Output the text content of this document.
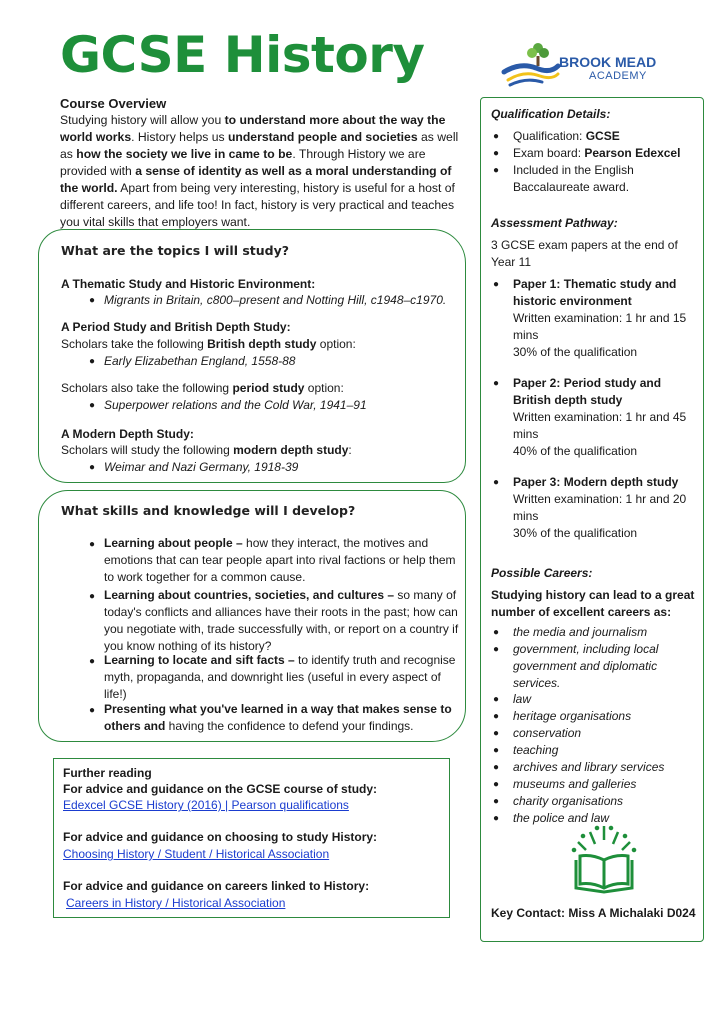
GCSE History	BROOK MEAD
ACADEMY
Course Overview
Studying history will allow you to understand more about the way the world works. History helps us understand people and societies as well as how the society we live in came to be. Through History we are provided with a sense of identity as well as a moral understanding of the world. Apart from being very interesting, history is useful for a host of different careers, and life too! In fact, history is very practical and teaches you vital skills that employers want.
What are the topics I will study?
A Thematic Study and Historic Environment:
● Migrants in Britain, c800–present and Notting Hill, c1948–c1970.
A Period Study and British Depth Study:
Scholars take the following British depth study option:
● Early Elizabethan England, 1558-88
Scholars also take the following period study option:
● Superpower relations and the Cold War, 1941–91
A Modern Depth Study:
Scholars will study the following modern depth study:
● Weimar and Nazi Germany, 1918-39
What skills and knowledge will I develop?
● Learning about people – how they interact, the motives and emotions that can tear people apart into rival factions or help them to work together for a common cause.
● Learning about countries, societies, and cultures – so many of today's conflicts and alliances have their roots in the past; how can you negotiate with, trade successfully with, or report on a country if you know nothing of its history?
● Learning to locate and sift facts – to identify truth and recognise myth, propaganda, and downright lies (useful in every aspect of life!)
● Presenting what you've learned in a way that makes sense to others and having the confidence to defend your findings.
Further reading
For advice and guidance on the GCSE course of study:
Edexcel GCSE History (2016) | Pearson qualifications
For advice and guidance on choosing to study History:
Choosing History / Student / Historical Association
For advice and guidance on careers linked to History:
Careers in History / Historical Association
Qualification Details:
● Qualification: GCSE
● Exam board: Pearson Edexcel
● Included in the English Baccalaureate award.
Assessment Pathway:
3 GCSE exam papers at the end of Year 11
● Paper 1: Thematic study and historic environment
Written examination: 1 hr and 15 mins
30% of the qualification
● Paper 2: Period study and British depth study
Written examination: 1 hr and 45 mins
40% of the qualification
● Paper 3: Modern depth study
Written examination: 1 hr and 20 mins
30% of the qualification
Possible Careers:
Studying history can lead to a great number of excellent careers as:
● the media and journalism
● government, including local government and diplomatic services.
● law
● heritage organisations
● conservation
● teaching
● archives and library services
● museums and galleries
● charity organisations
● the police and law
Key Contact: Miss A Michalaki D024
